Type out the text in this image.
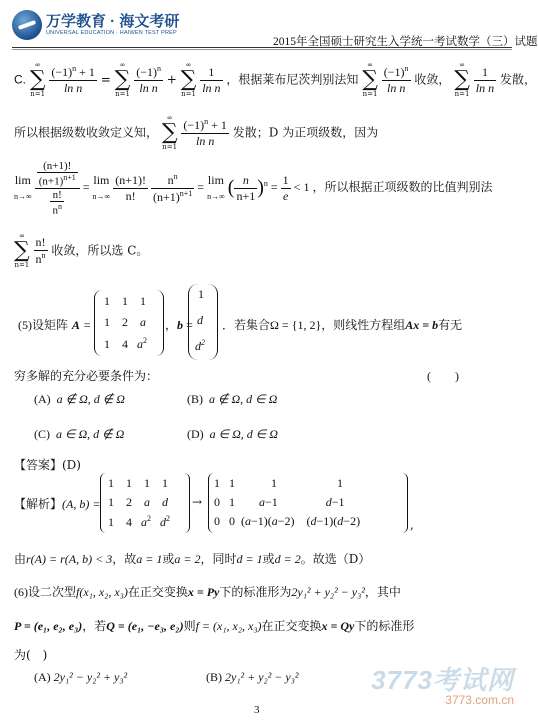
万学教育 · 海文考研
UNIVERSAL EDUCATION · HAIWEN TEST PREP
2015年全国硕士研究生入学统一考试数学（三）试题
C.
∞
∑
n=1
$\frac{(-1)^n + 1}{\text{ln n}}$ =
∞
∑
n=1
$\frac{(-1)^n}{\text{ln n}}$ +
∞
∑
n=1
$\frac{1}{\text{ln n}}$ ，根据莱布尼茨判别法知
∞
∑
n=1
$\frac{(-1)^n}{\text{ln n}}$ 收敛，
∞
∑
n=1
$\frac{1}{\text{ln n}}$ 发散，
所以根据级数收敛定义知，
∞
∑
n=1
$\frac{(-1)^n + 1}{\text{ln n}}$ 发散；D 为正项级数，因为
lim
$n\to\infty \frac{\frac{(n+1)!}{(n+1)^{n+1}}}{\frac{n!}{n^n}} = \lim$
$n\to\infty \frac{(n+1)!}{n!}$
$\frac{n^n}{(n+1)^{n+1}} = \lim$
n→∞ ( $\frac{n}{n+1} )^n = \frac{1}{e} < 1$ ，所以根据正项级数的比值判别法
∞
∑
n=1
$\frac{n!}{n^n}$ 收敛，所以选 C。
(5)设矩阵 A =
1    1    1
1    2    a
1    4   $a^2$
，b =
1
d
$d^2$
．若集合Ω = {1, 2}，则线性方程组Ax = b有无
穷多解的充分必要条件为：	(　　)
(A) a ∉ Ω, d ∉ Ω	(B) a ∉ Ω, d ∈ Ω
(C) a ∈ Ω, d ∉ Ω	(D) a ∈ Ω, d ∈ Ω
【答案】(D)
【解析】(A, b) =
1    1    1    1
1    2    a d
1    4   $a^2$ $d^2$
→
1   1            1                    1
0   1        a−1                d−1
0   0  (a−1)(a−2)    (d−1)(d−2)	,
由r(A) = r(A, b) < 3，故a = 1或a = 2，同时d = 1或d = 2。故选（D）
(6)设二次型f(x₁, x₂, x₃)在正交变换x = Py下的标准形为2y₁² + y₂² − y₃²，其中
P = (e₁, e₂, e₃)，若Q = (e₁, −e₃, e₂)则f = (x₁, x₂, x₃)在正交变换x = Qy下的标准形
为(　)
(A) 2y₁² − y₂² + y₃²	(B) 2y₁² + y₂² − y₃²
3
3773考试网
3773.com.cn
